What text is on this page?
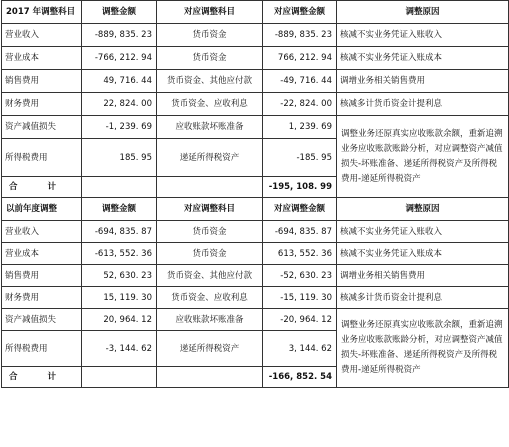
2017 年调整科目	调整金额	对应调整科目	对应调整金额	调整原因
营业收入	-889, 835. 23	货币资金	-889, 835. 23	核减不实业务凭证入账收入
营业成本	-766, 212. 94	货币资金	766, 212. 94	核减不实业务凭证入账成本
销售费用	49, 716. 44	货币资金、其他应付款	-49, 716. 44	调增业务相关销售费用
财务费用	22, 824. 00	货币资金、应收利息	-22, 824. 00	核减多计货币资金计提利息
资产减值损失	-1, 239. 69	应收账款坏账准备	1, 239. 69	调整业务还原真实应收账款余额，重新追溯业务应收账款账龄分析，对应调整资产减值损失-坏账准备、递延所得税资产及所得税费用-递延所得税资产
所得税费用	185. 95	递延所得税资产	-185. 95	

合 计			-195, 108. 99	
以前年度调整	调整金额	对应调整科目	对应调整金额	调整原因
营业收入	-694, 835. 87	货币资金	-694, 835. 87	核减不实业务凭证入账收入
营业成本	-613, 552. 36	货币资金	613, 552. 36	核减不实业务凭证入账成本
销售费用	52, 630. 23	货币资金、其他应付款	-52, 630. 23	调增业务相关销售费用
财务费用	15, 119. 30	货币资金、应收利息	-15, 119. 30	核减多计货币资金计提利息
资产减值损失	20, 964. 12	应收账款坏账准备	-20, 964. 12	调整业务还原真实应收账款余额，重新追溯业务应收账款账龄分析，对应调整资产减值损失-坏账准备、递延所得税资产及所得税费用-递延所得税资产
所得税费用	-3, 144. 62	递延所得税资产	3, 144. 62	

合 计			-166, 852. 54	
